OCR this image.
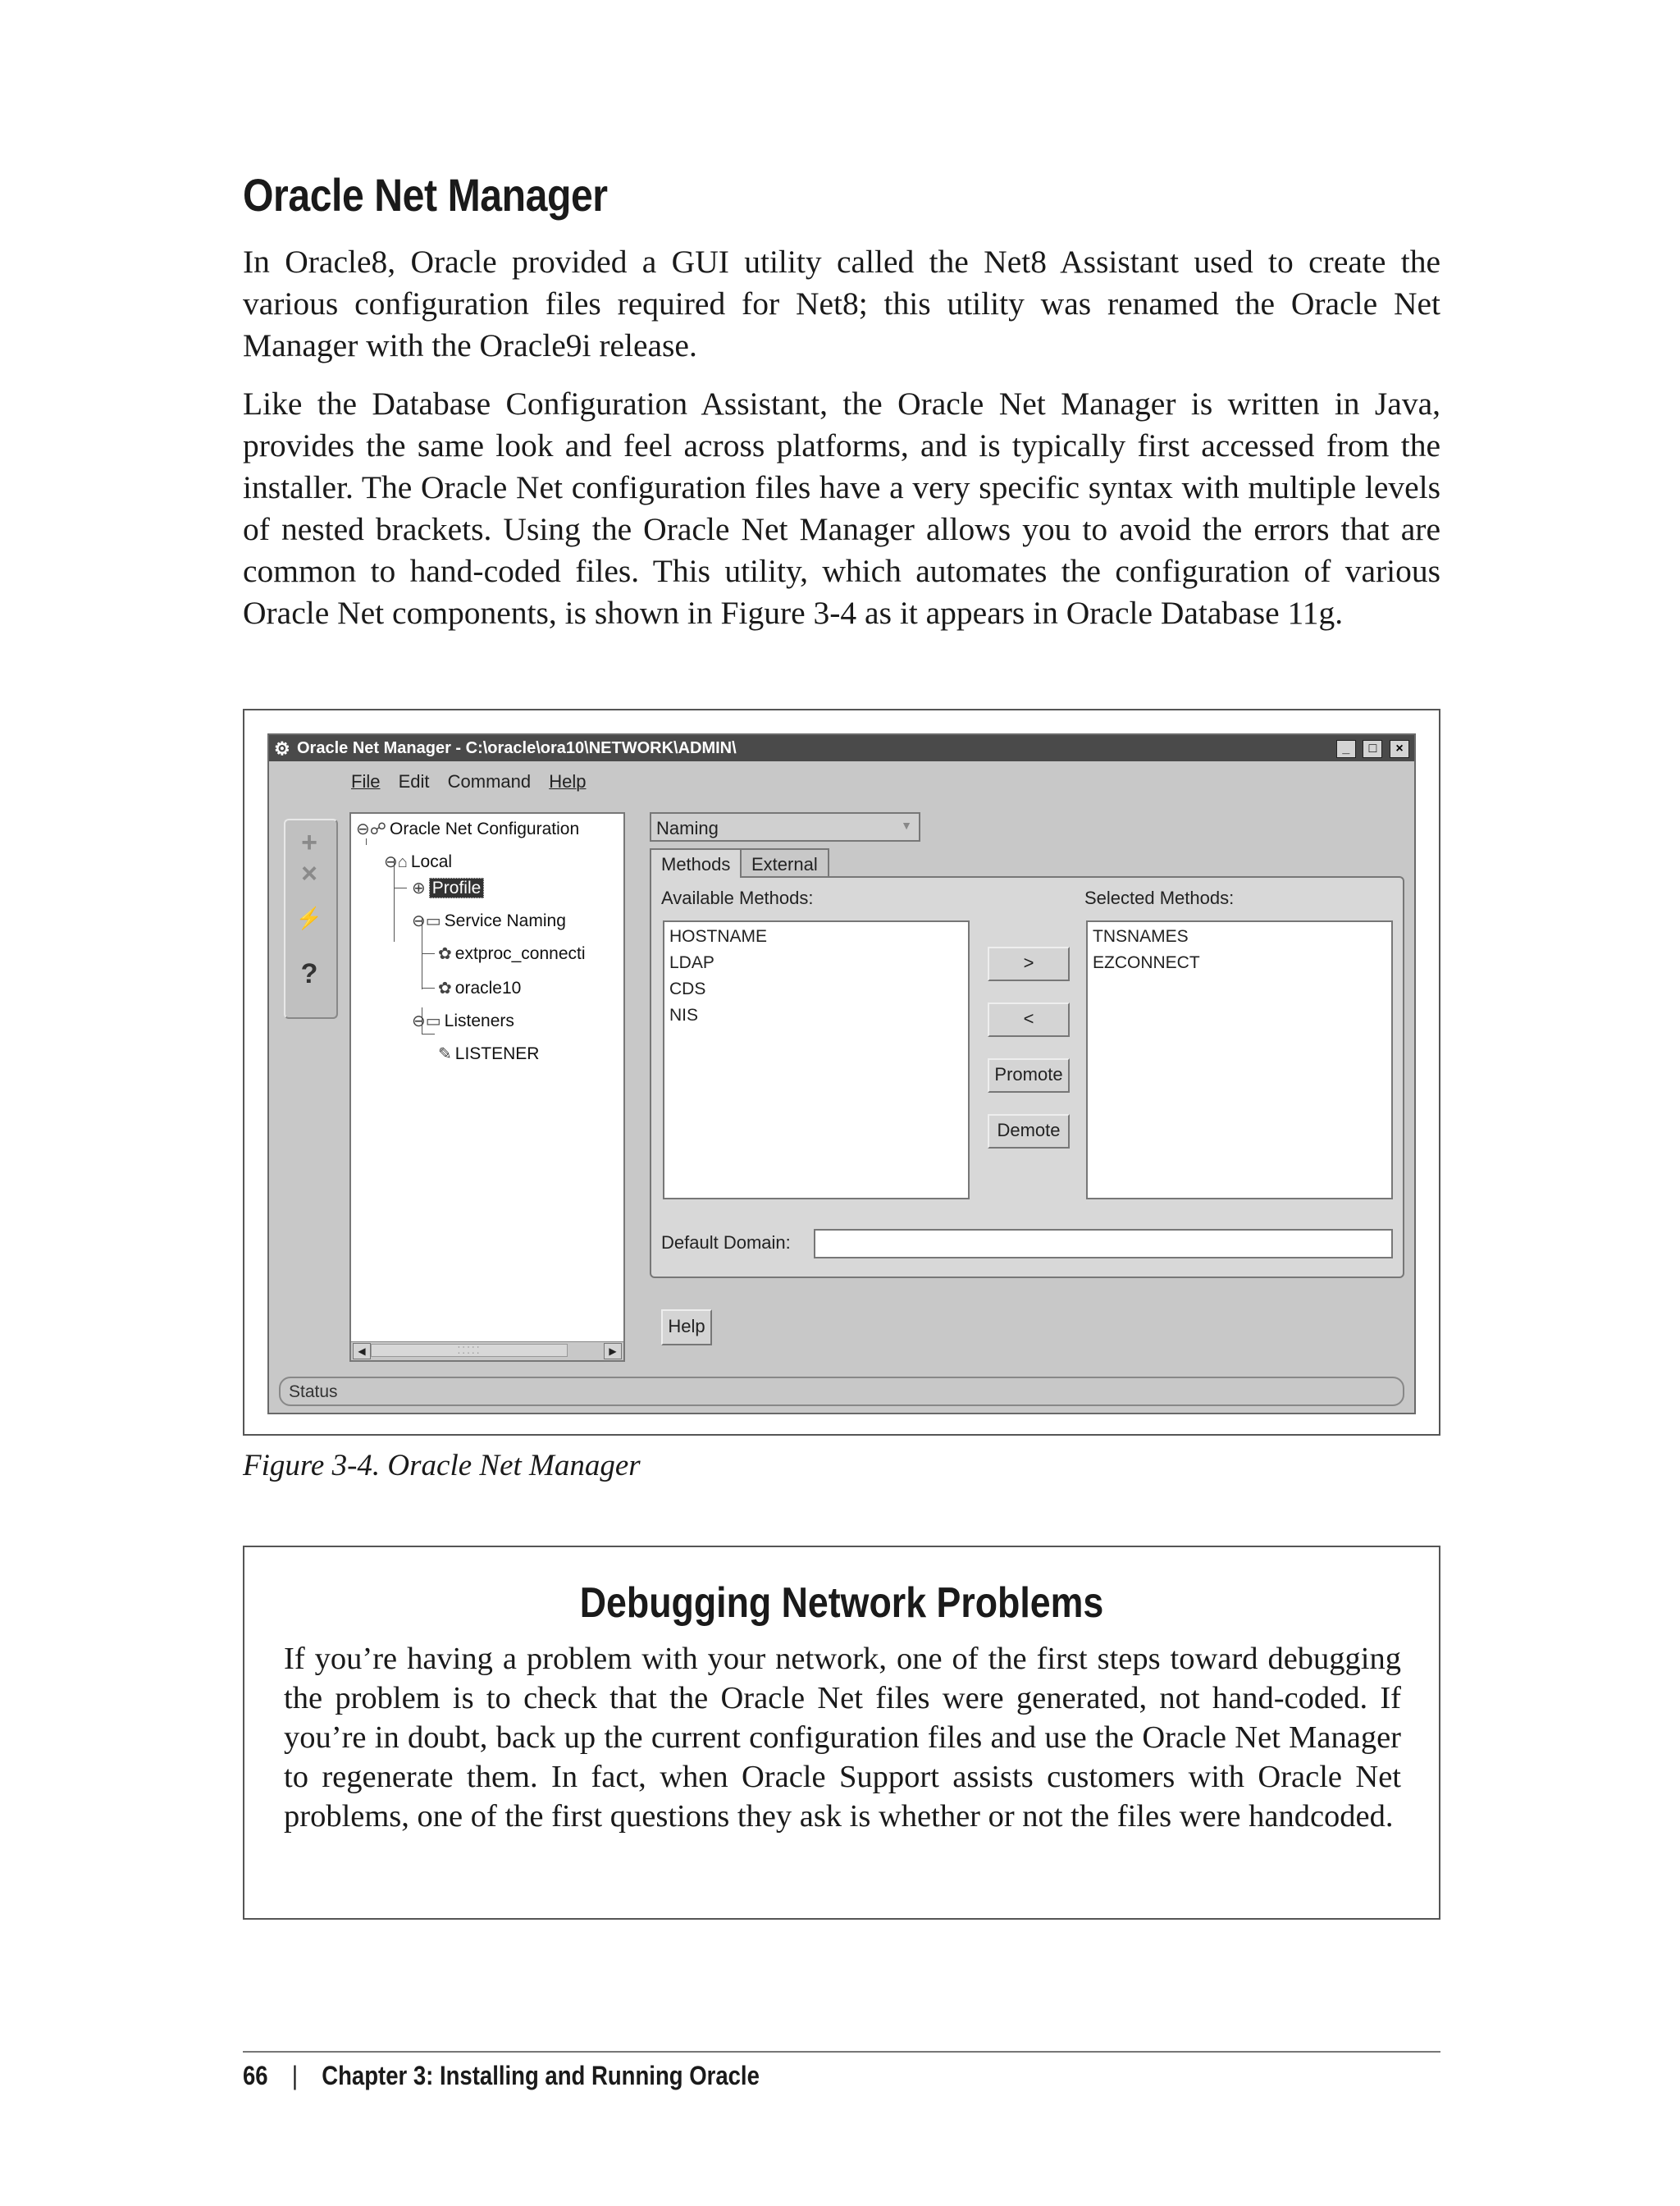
Oracle Net Manager
In Oracle8, Oracle provided a GUI utility called the Net8 Assistant used to create the various configuration files required for Net8; this utility was renamed the Oracle Net Manager with the Oracle9i release.
Like the Database Configuration Assistant, the Oracle Net Manager is written in Java, provides the same look and feel across platforms, and is typically first accessed from the installer. The Oracle Net configuration files have a very specific syntax with multiple levels of nested brackets. Using the Oracle Net Manager allows you to avoid the errors that are common to hand-coded files. This utility, which automates the configuration of various Oracle Net components, is shown in Figure 3-4 as it appears in Oracle Database 11g.
⚙ Oracle Net Manager - C:\oracle\ora10\NETWORK\ADMIN\	_ □ ×
File Edit Command Help
+
×
⚡
?
⊖☍ Oracle Net Configuration
⊖⌂ Local
⊕ Profile
⊖▭ Service Naming
✿ extproc_connecti
✿ oracle10
⊖▭ Listeners
✎ LISTENER
◀	⁚⁚⁚⁚⁚	▶
Naming	▼
Methods	External
Available Methods:	Selected Methods:
HOSTNAME
LDAP
CDS
NIS
>
<
Promote
Demote
TNSNAMES
EZCONNECT
Default Domain:
Help
Status
Figure 3-4. Oracle Net Manager
Debugging Network Problems
If you’re having a problem with your network, one of the first steps toward debugging the problem is to check that the Oracle Net files were generated, not hand-coded. If you’re in doubt, back up the current configuration files and use the Oracle Net Manager to regenerate them. In fact, when Oracle Support assists customers with Oracle Net problems, one of the first questions they ask is whether or not the files were handcoded.
66 | Chapter 3: Installing and Running Oracle
